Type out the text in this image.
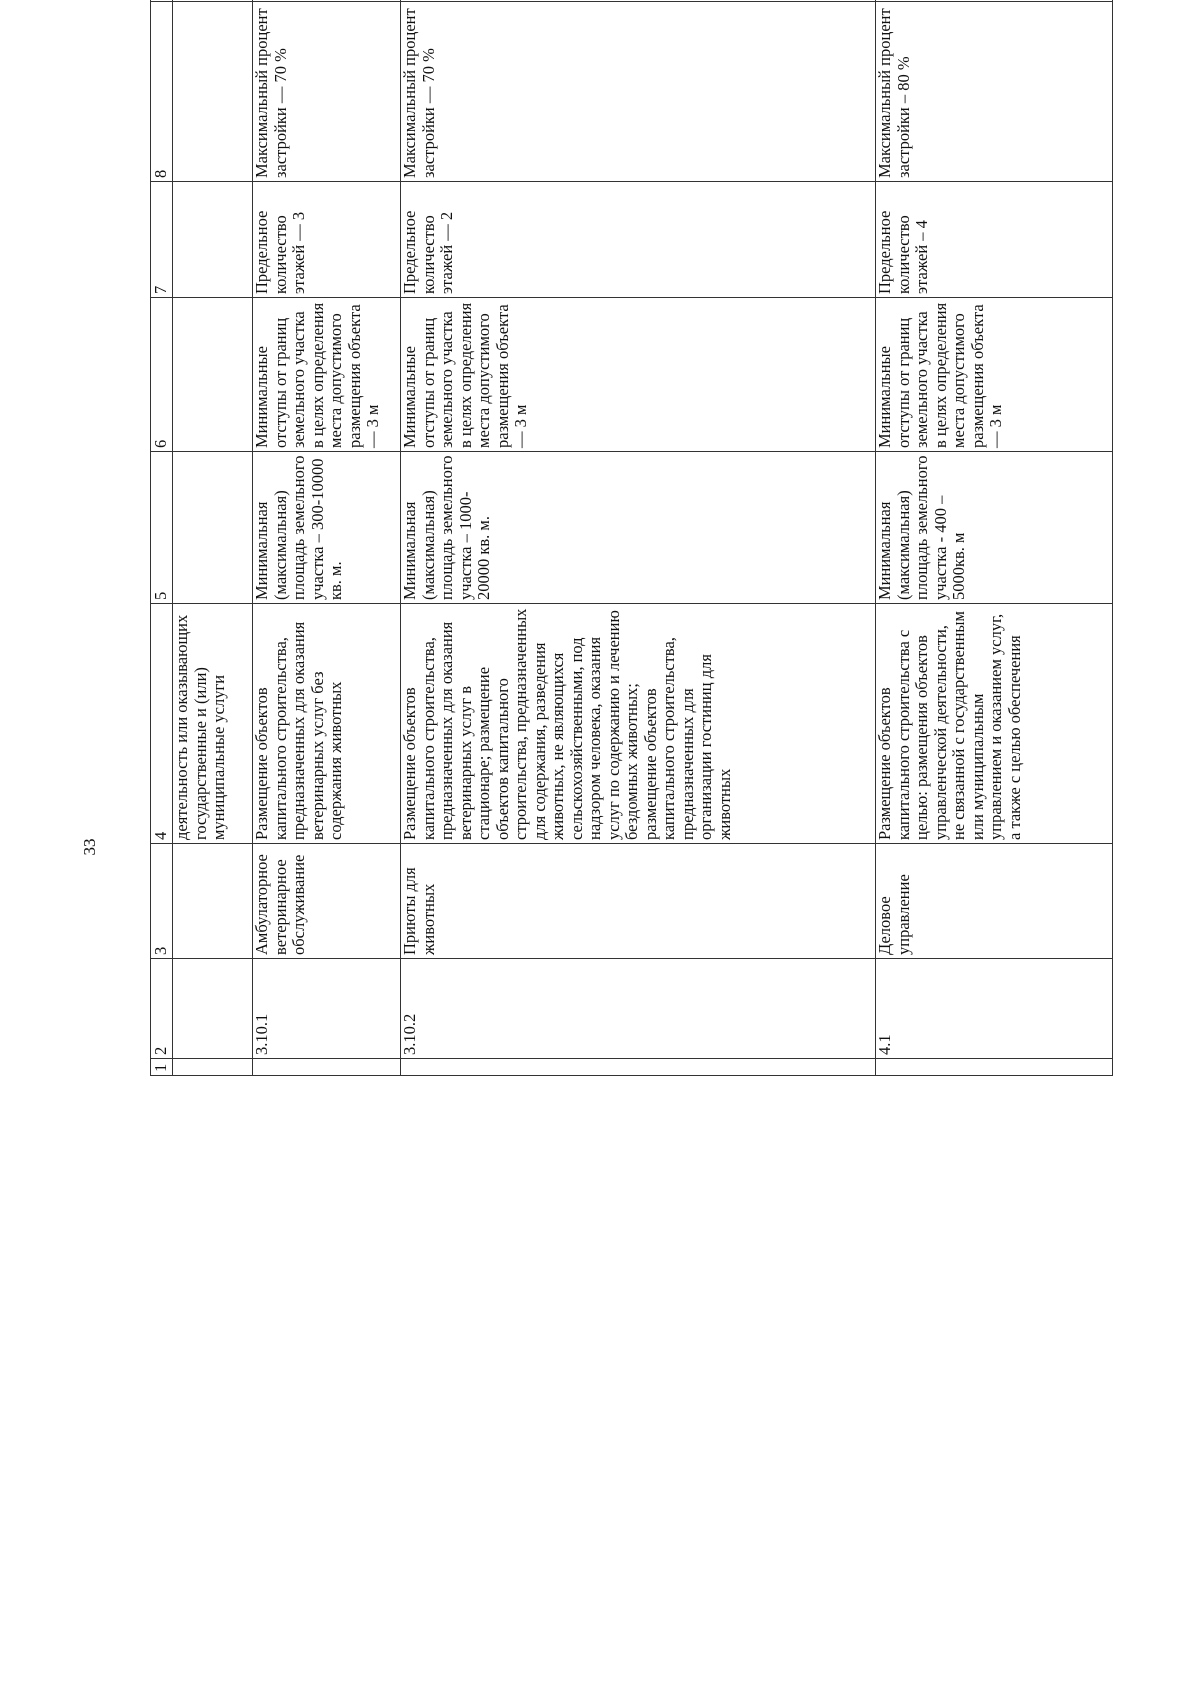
33
1	2	3	4	5	6	7	8	
			деятельность или оказывающих государственные и (или) муниципальные услуги					
	3.10.1	Амбулаторное ветеринарное обслуживание	Размещение объектов капитального строительства, предназначенных для оказания ветеринарных услуг без содержания животных	Минимальная (максимальная) площадь земельного участка – 300-10000 кв. м.	Минимальные отступы от границ земельного участка в целях определения места допустимого размещения объекта — 3 м	Предельное количество этажей — 3	Максимальный процент застройки — 70 %	
	3.10.2	Приюты для животных	Размещение объектов капитального строительства, предназначенных для оказания ветеринарных услуг в стационаре; размещение объектов капитального строительства, предназначенных для содержания, разведения животных, не являющихся сельскохозяйственными, под надзором человека, оказания услуг по содержанию и лечению бездомных животных; размещение объектов капитального строительства, предназначенных для организации гостиниц для животных	Минимальная (максимальная) площадь земельного участка – 1000-20000 кв. м.	Минимальные отступы от границ земельного участка в целях определения места допустимого размещения объекта — 3 м	Предельное количество этажей — 2	Максимальный процент застройки — 70 %	
	4.1	Деловое управление	Размещение объектов капитального строительства с целью: размещения объектов управленческой деятельности, не связанной с государственным или муниципальным управлением и оказанием услуг, а также с целью обеспечения	Минимальная (максимальная) площадь земельного участка - 400 – 5000кв. м	Минимальные отступы от границ земельного участка в целях определения места допустимого размещения объекта — 3 м	Предельное количество этажей – 4	Максимальный процент застройки – 80 %	
